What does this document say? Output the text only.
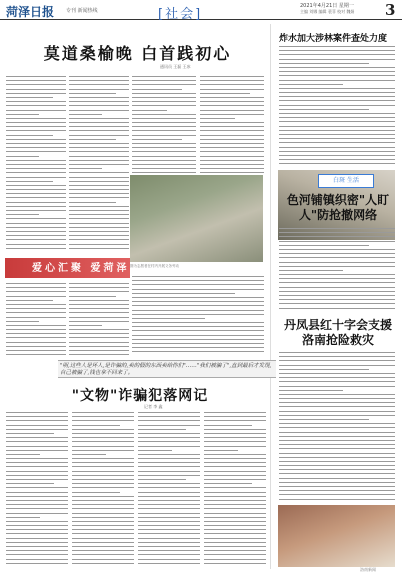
菏泽日报 专刊 新闻热线	[社会]
2021年4月21日 星期一
主编 刘娜 编辑 裴菲 校对 魏娟 3
莫道桑榆晚 白首践初心
通讯员 王磊 王冰
图为志愿者在村内开展义务劳动
爱心汇聚 爱菏泽

"明,这些人是坏人,是诈骗的,卖的假的东西卖给你们"……"我们被骗了",直到最后才发现,自己被骗了,钱也拿不回来了。

"文物"诈骗犯落网记
记者 李 鑫
炸水加大涉林案件查处力度
白斑 生活
色河铺镇织密"人盯人"防抢撤网络
丹凤县红十字会支援洛南抢险救灾
洛南新闻
